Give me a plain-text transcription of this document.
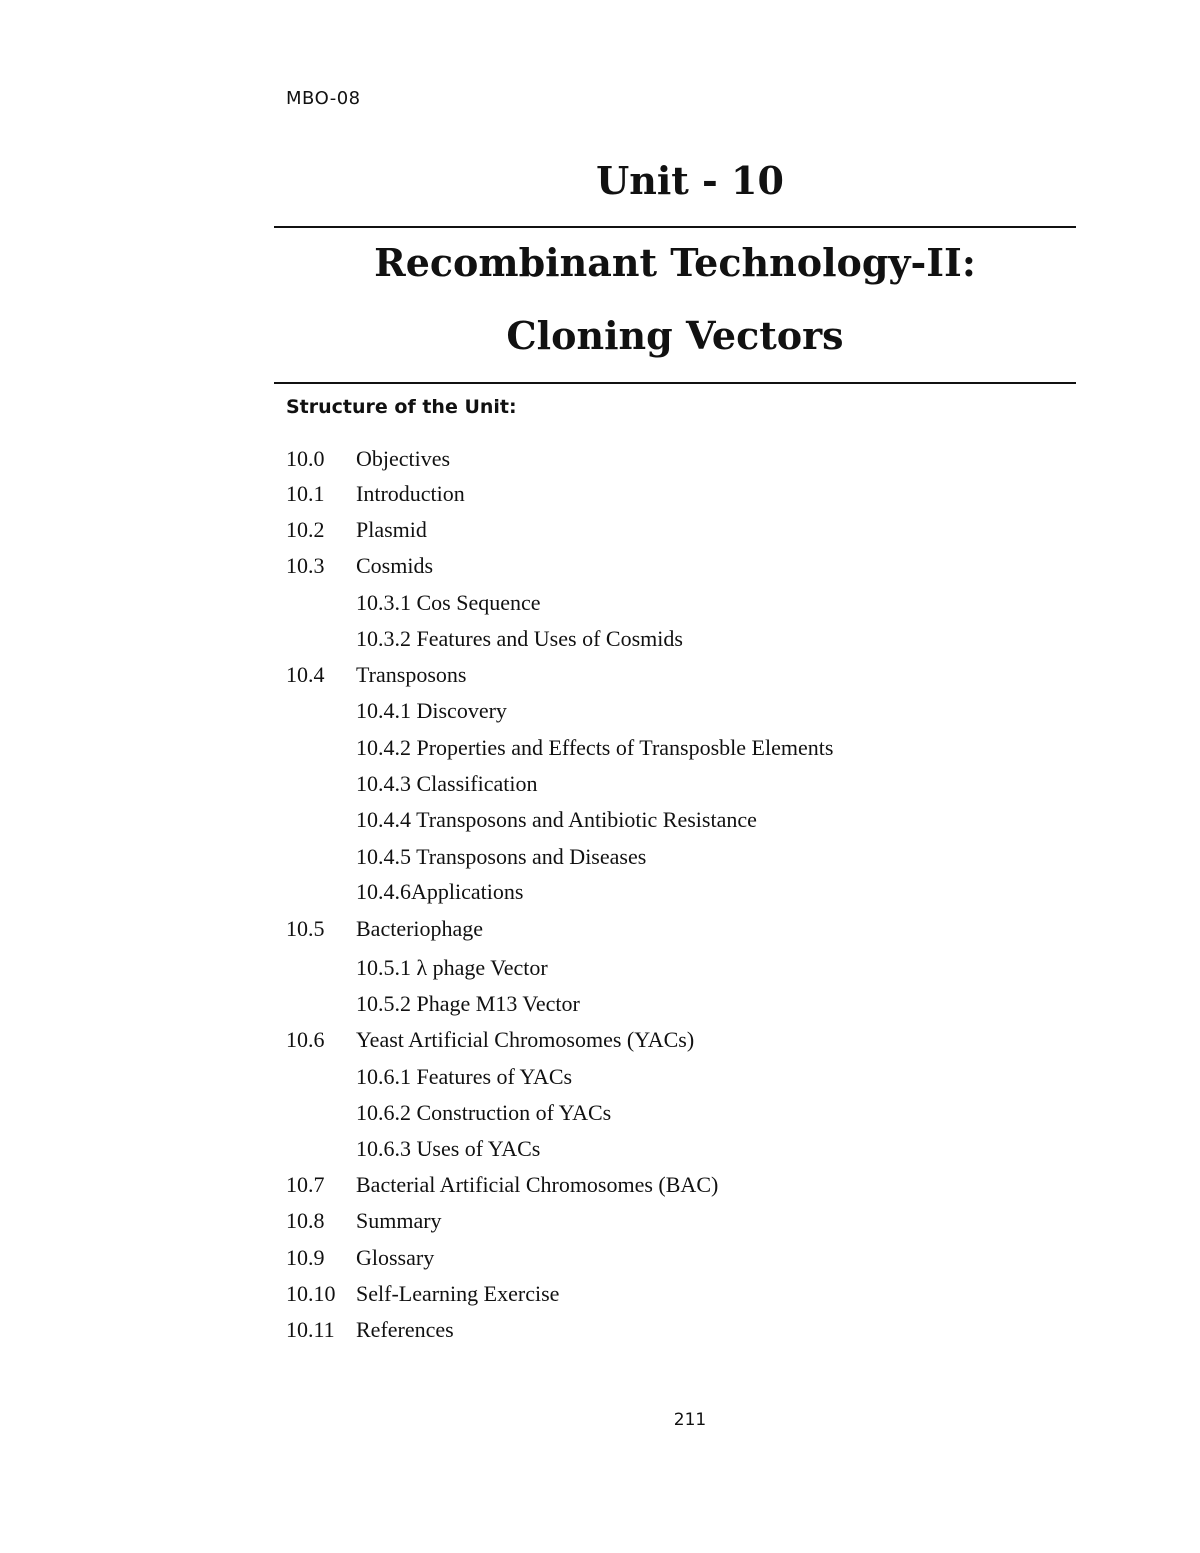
MBO-08
Unit - 10
Recombinant Technology-II:
Cloning Vectors
Structure of the Unit:
10.0 Objectives
10.1 Introduction
10.2 Plasmid
10.3 Cosmids
10.3.1 Cos Sequence
10.3.2 Features and Uses of Cosmids
10.4 Transposons
10.4.1 Discovery
10.4.2 Properties and Effects of Transposble Elements
10.4.3 Classification
10.4.4 Transposons and Antibiotic Resistance
10.4.5 Transposons and Diseases
10.4.6Applications
10.5 Bacteriophage
10.5.1 λ phage Vector
10.5.2 Phage M13 Vector
10.6 Yeast Artificial Chromosomes (YACs)
10.6.1 Features of YACs
10.6.2 Construction of YACs
10.6.3 Uses of YACs
10.7 Bacterial Artificial Chromosomes (BAC)
10.8 Summary
10.9 Glossary
10.10 Self-Learning Exercise
10.11 References
211
